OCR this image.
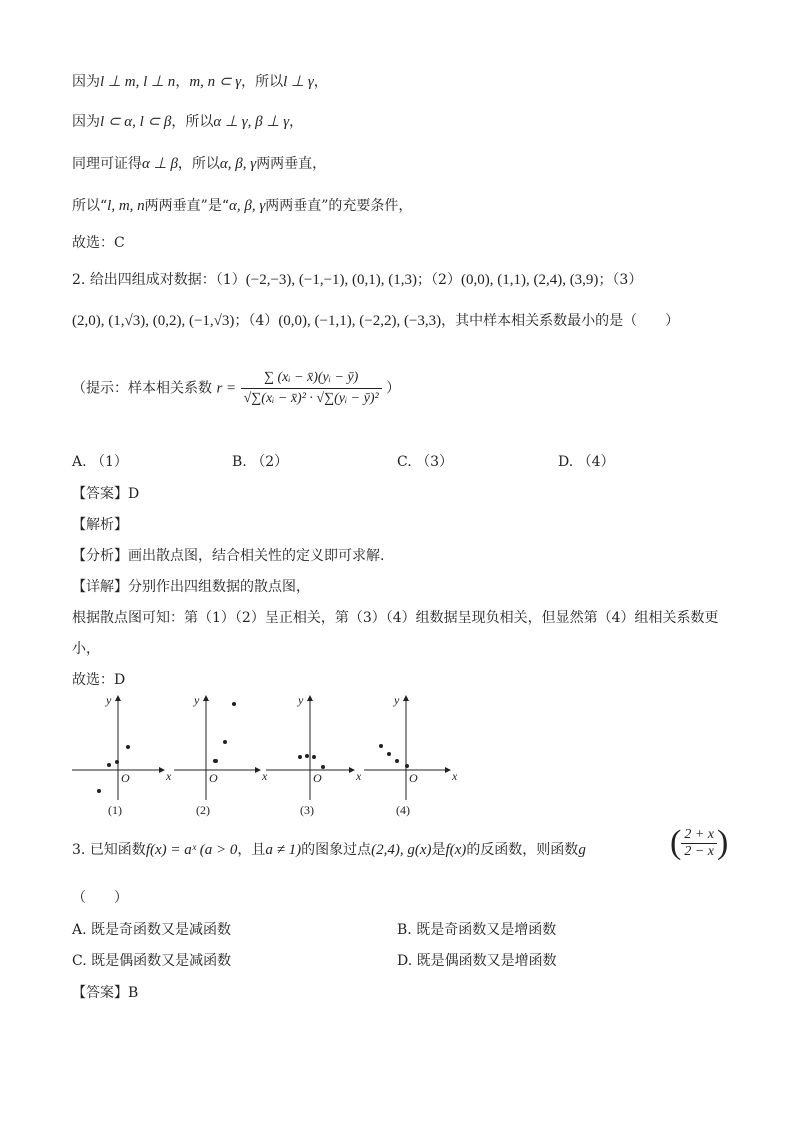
因为l ⊥ m, l ⊥ n，m, n ⊂ γ，所以l ⊥ γ，
因为l ⊂ α, l ⊂ β，所以α ⊥ γ, β ⊥ γ，
同理可证得α ⊥ β，所以α, β, γ两两垂直，
所以“l, m, n两两垂直”是“α, β, γ两两垂直”的充要条件，
故选：C
2. 给出四组成对数据：（1）(−2,−3), (−1,−1), (0,1), (1,3)；（2）(0,0), (1,1), (2,4), (3,9)；（3）
(2,0), (1,√3), (0,2), (−1,√3)；（4）(0,0), (−1,1), (−2,2), (−3,3)，其中样本相关系数最小的是（　　）
（提示：样本相关系数 $r = \frac{\text{∑ (xᵢ − x̄)(yᵢ − ȳ)}}{\text{√∑(xᵢ − x̄)² · √∑(yᵢ − ȳ)²}}$ ）
A. （1）	B. （2）	C. （3）	D. （4）
【答案】D
【解析】
【分析】画出散点图，结合相关性的定义即可求解.
【详解】分别作出四组数据的散点图，
根据散点图可知：第（1）（2）呈正相关，第（3）（4）组数据呈现负相关，但显然第（4）组相关系数更
小，
故选：D
y
x
O
(1)
y
x
O
(2)
y
x
O
(3)
y
x
O
(4)
3. 已知函数f(x) = aˣ (a > 0，且a ≠ 1)的图象过点(2,4), g(x)是f(x)的反函数，则函数g ( $\frac{2 + x}{2 - x}$ )
（　　）
A. 既是奇函数又是减函数	B. 既是奇函数又是增函数
C. 既是偶函数又是减函数	D. 既是偶函数又是增函数
【答案】B
